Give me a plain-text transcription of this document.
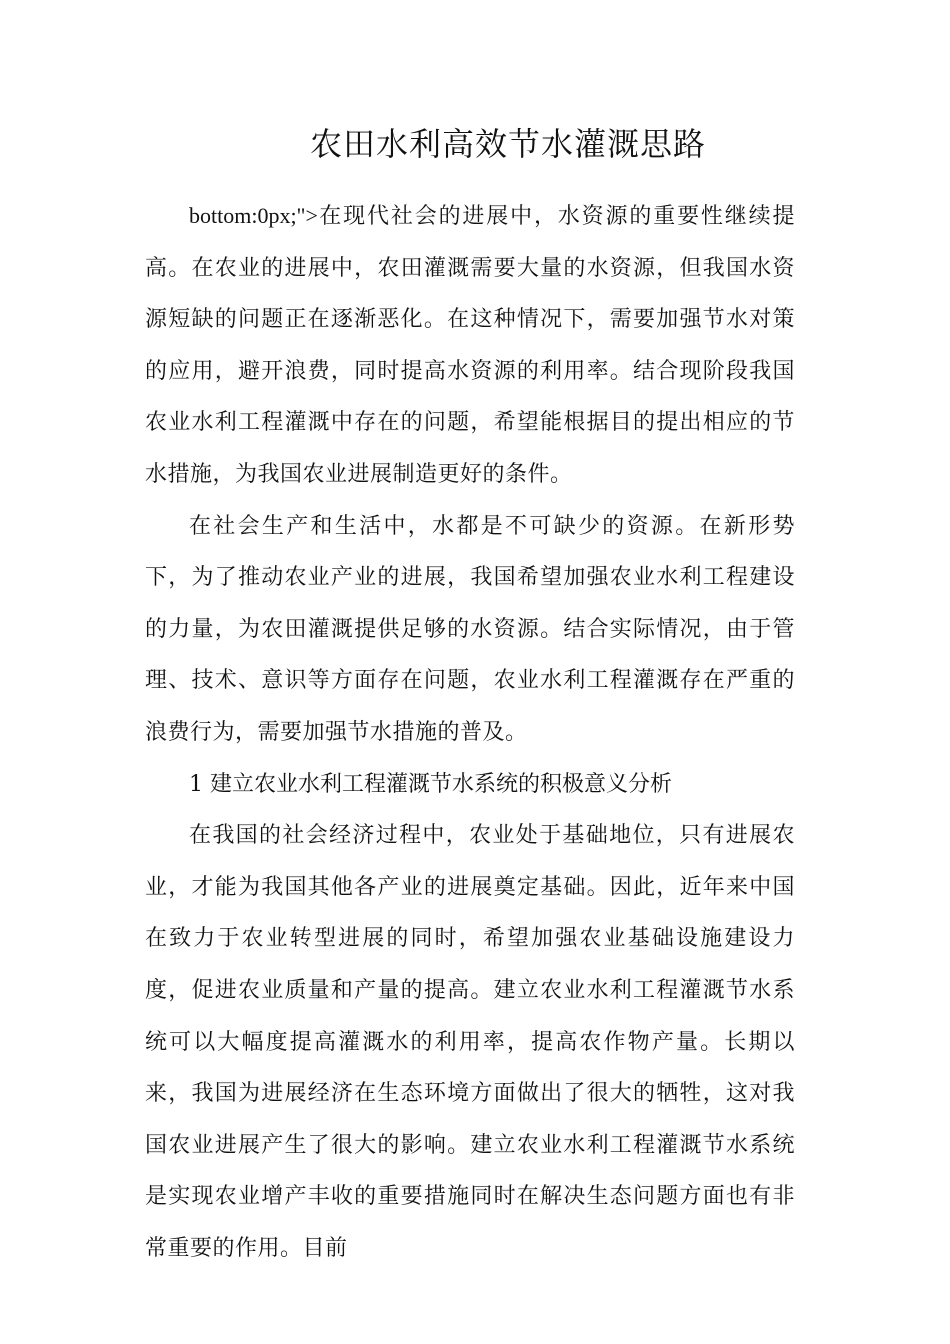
农田水利高效节水灌溉思路

bottom:0px;">在现代社会的进展中，水资源的重要性继续提高。在农业的进展中，农田灌溉需要大量的水资源，但我国水资源短缺的问题正在逐渐恶化。在这种情况下，需要加强节水对策的应用，避开浪费，同时提高水资源的利用率。结合现阶段我国农业水利工程灌溉中存在的问题，希望能根据目的提出相应的节水措施，为我国农业进展制造更好的条件。

在社会生产和生活中，水都是不可缺少的资源。在新形势下，为了推动农业产业的进展，我国希望加强农业水利工程建设的力量，为农田灌溉提供足够的水资源。结合实际情况，由于管理、技术、意识等方面存在问题，农业水利工程灌溉存在严重的浪费行为，需要加强节水措施的普及。

1 建立农业水利工程灌溉节水系统的积极意义分析

在我国的社会经济过程中，农业处于基础地位，只有进展农业，才能为我国其他各产业的进展奠定基础。因此，近年来中国在致力于农业转型进展的同时，希望加强农业基础设施建设力度，促进农业质量和产量的提高。建立农业水利工程灌溉节水系统可以大幅度提高灌溉水的利用率，提高农作物产量。长期以来，我国为进展经济在生态环境方面做出了很大的牺牲，这对我国农业进展产生了很大的影响。建立农业水利工程灌溉节水系统是实现农业增产丰收的重要措施同时在解决生态问题方面也有非常重要的作用。目前
